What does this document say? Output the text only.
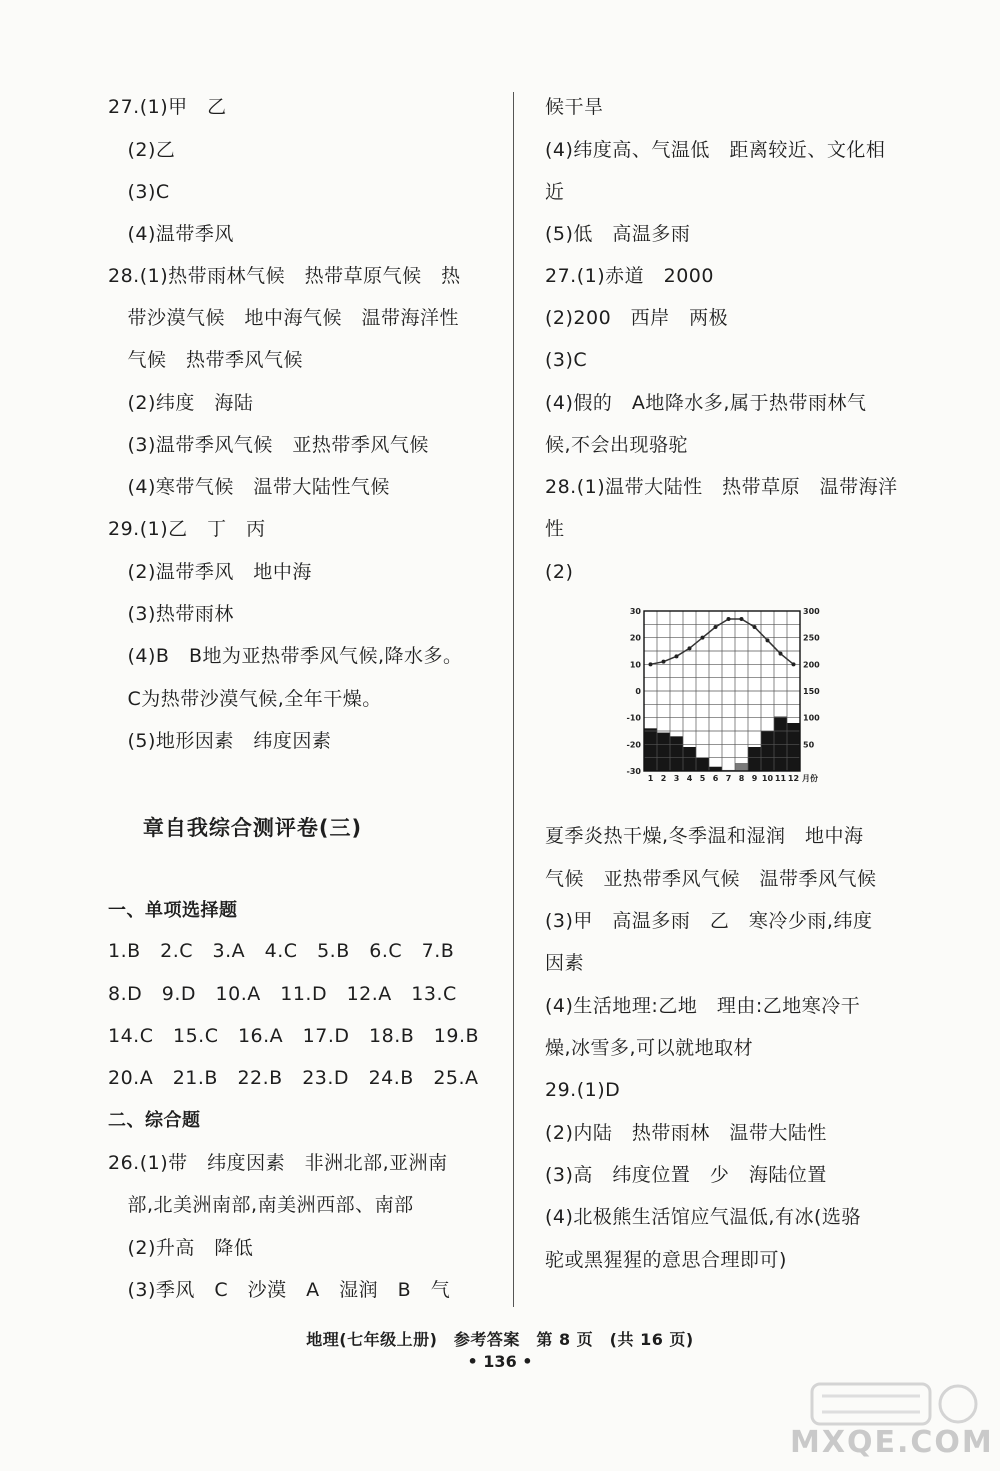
27.(1)甲　乙
　(2)乙
　(3)C
　(4)温带季风
28.(1)热带雨林气候　热带草原气候　热
　带沙漠气候　地中海气候　温带海洋性
　气候　热带季风气候
　(2)纬度　海陆
　(3)温带季风气候　亚热带季风气候
　(4)寒带气候　温带大陆性气候
29.(1)乙　丁　丙
　(2)温带季风　地中海
　(3)热带雨林
　(4)B　B地为亚热带季风气候,降水多。
　C为热带沙漠气候,全年干燥。
　(5)地形因素　纬度因素
一、单项选择题
1.B　2.C　3.A　4.C　5.B　6.C　7.B
8.D　9.D　10.A　11.D　12.A　13.C
14.C　15.C　16.A　17.D　18.B　19.B
20.A　21.B　22.B　23.D　24.B　25.A
二、综合题
26.(1)带　纬度因素　非洲北部,亚洲南
　部,北美洲南部,南美洲西部、南部
　(2)升高　降低
　(3)季风　C　沙漠　A　湿润　B　气
候干旱
(4)纬度高、气温低　距离较近、文化相
近
(5)低　高温多雨
27.(1)赤道　2000
(2)200　西岸　两极
(3)C
(4)假的　A地降水多,属于热带雨林气
候,不会出现骆驼
28.(1)温带大陆性　热带草原　温带海洋
性
(2)
夏季炎热干燥,冬季温和湿润　地中海
气候　亚热带季风气候　温带季风气候
(3)甲　高温多雨　乙　寒冷少雨,纬度
因素
(4)生活地理:乙地　理由:乙地寒冷干
燥,冰雪多,可以就地取材
29.(1)D
(2)内陆　热带雨林　温带大陆性
(3)高　纬度位置　少　海陆位置
(4)北极熊生活馆应气温低,有冰(选骆
驼或黑猩猩的意思合理即可)
章自我综合测评卷(三)
30
20
10
0
-10
-20
-30
300
250
200
150
100
50
1 2 3 4 5 6 7 8 9 10 11 12 月份
地理(七年级上册)　参考答案　第 8 页　(共 16 页)
• 136 •
MXQE.COM
